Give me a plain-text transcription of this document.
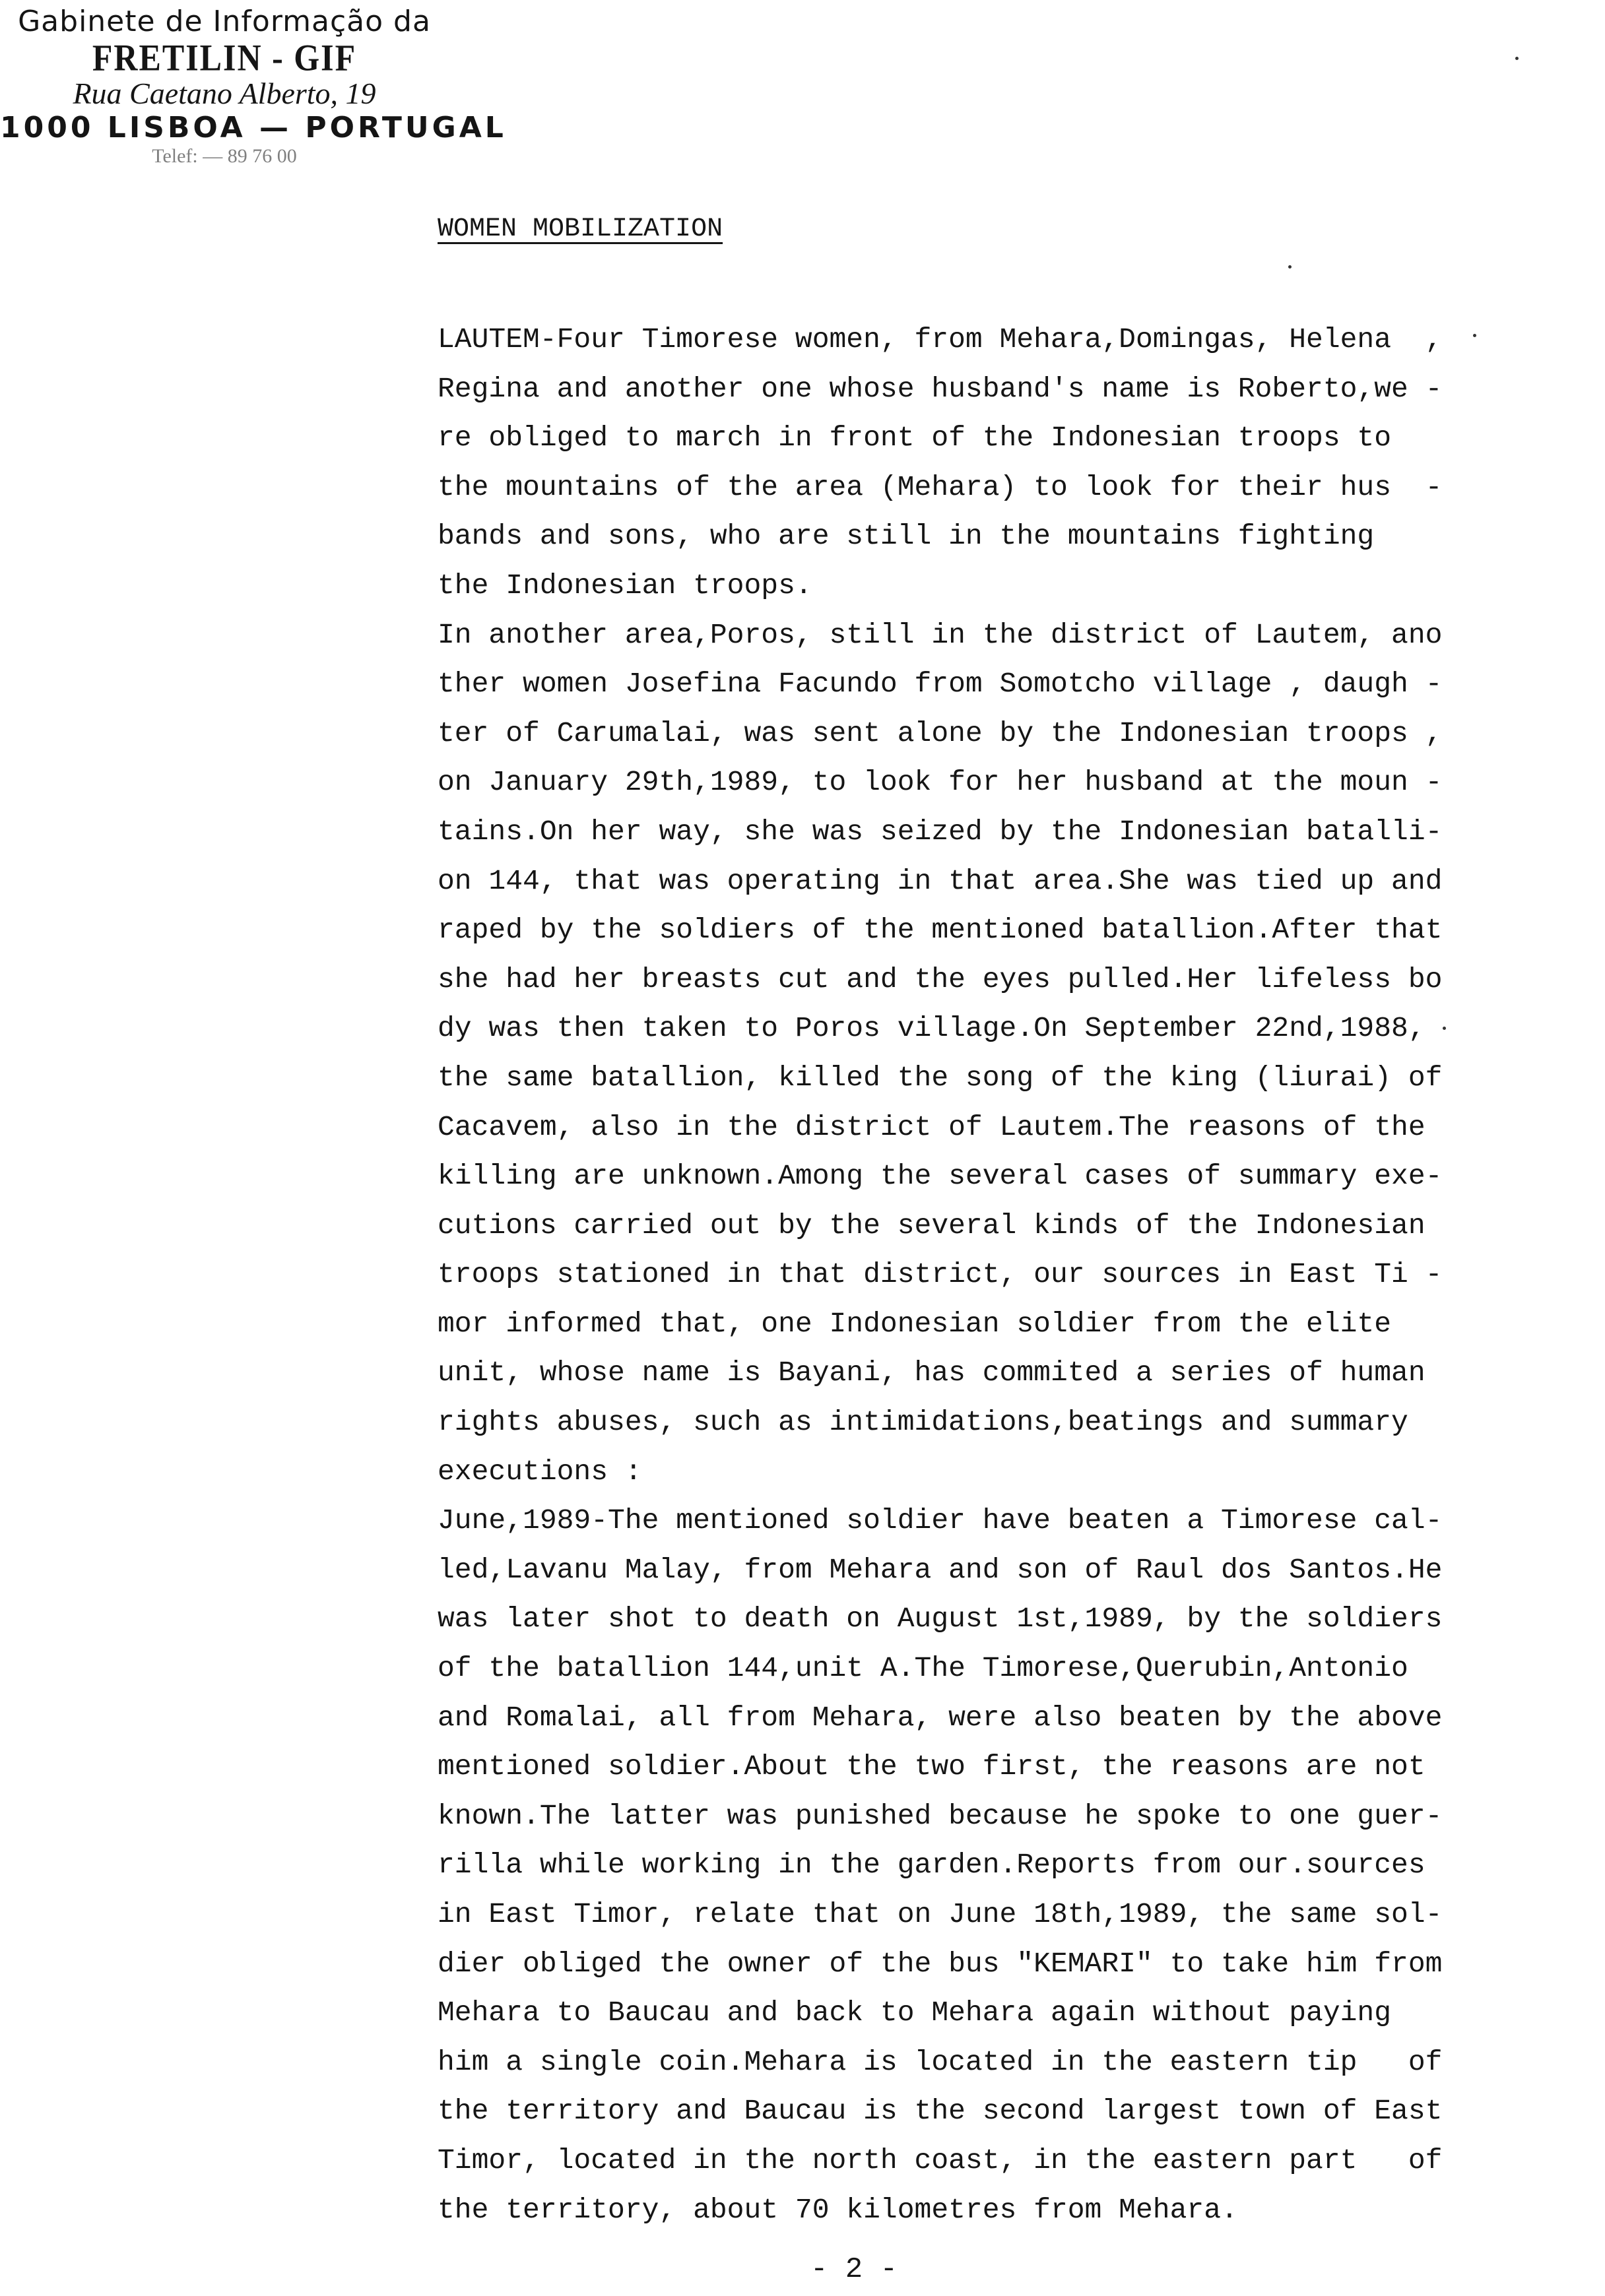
Gabinete de Informação da
FRETILIN - GIF
Rua Caetano Alberto, 19
1000 LISBOA — PORTUGAL
Telef: — 89 76 00
WOMEN MOBILIZATION
LAUTEM-Four Timorese women, from Mehara,Domingas, Helena  ,
Regina and another one whose husband's name is Roberto,we -
re obliged to march in front of the Indonesian troops to
the mountains of the area (Mehara) to look for their hus  -
bands and sons, who are still in the mountains fighting
the Indonesian troops.
In another area,Poros, still in the district of Lautem, ano
ther women Josefina Facundo from Somotcho village , daugh -
ter of Carumalai, was sent alone by the Indonesian troops ,
on January 29th,1989, to look for her husband at the moun -
tains.On her way, she was seized by the Indonesian batalli-
on 144, that was operating in that area.She was tied up and
raped by the soldiers of the mentioned batallion.After that
she had her breasts cut and the eyes pulled.Her lifeless bo
dy was then taken to Poros village.On September 22nd,1988,
the same batallion, killed the song of the king (liurai) of
Cacavem, also in the district of Lautem.The reasons of the
killing are unknown.Among the several cases of summary exe-
cutions carried out by the several kinds of the Indonesian
troops stationed in that district, our sources in East Ti -
mor informed that, one Indonesian soldier from the elite
unit, whose name is Bayani, has commited a series of human
rights abuses, such as intimidations,beatings and summary
executions :
June,1989-The mentioned soldier have beaten a Timorese cal-
led,Lavanu Malay, from Mehara and son of Raul dos Santos.He
was later shot to death on August 1st,1989, by the soldiers
of the batallion 144,unit A.The Timorese,Querubin,Antonio
and Romalai, all from Mehara, were also beaten by the above
mentioned soldier.About the two first, the reasons are not
known.The latter was punished because he spoke to one guer-
rilla while working in the garden.Reports from our.sources
in East Timor, relate that on June 18th,1989, the same sol-
dier obliged the owner of the bus "KEMARI" to take him from
Mehara to Baucau and back to Mehara again without paying
him a single coin.Mehara is located in the eastern tip   of
the territory and Baucau is the second largest town of East
Timor, located in the north coast, in the eastern part   of
the territory, about 70 kilometres from Mehara.
- 2 -
